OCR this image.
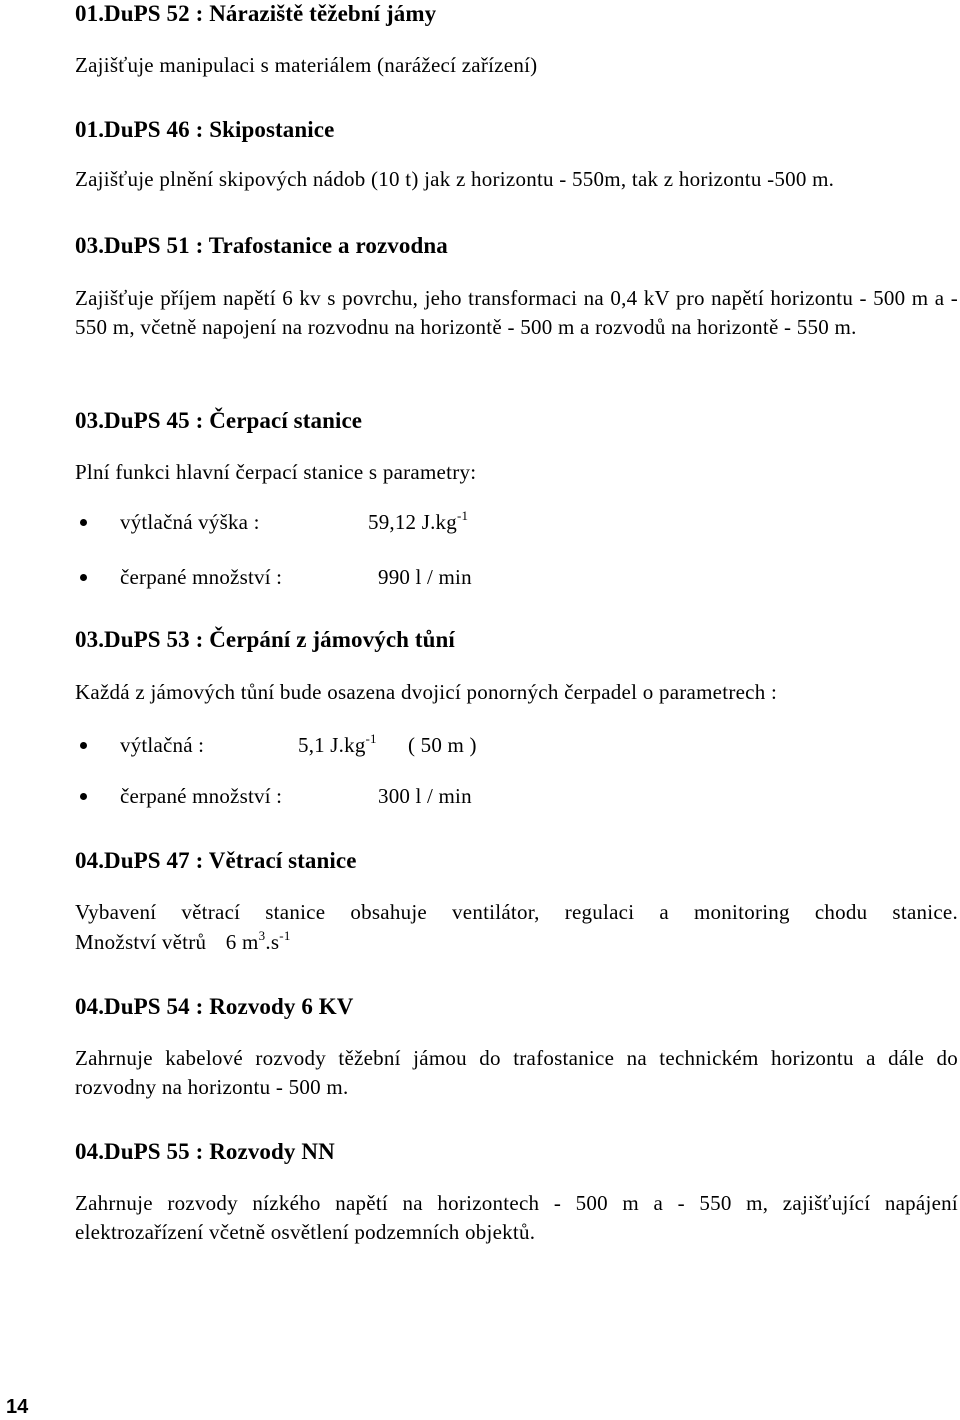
01.DuPS 52 : Náraziště těžební jámy
Zajišťuje manipulaci s materiálem (narážecí zařízení)
01.DuPS 46 : Skipostanice
Zajišťuje plnění skipových nádob (10 t) jak z horizontu - 550m, tak z horizontu -500 m.
03.DuPS 51 : Trafostanice a rozvodna
Zajišťuje příjem napětí 6 kv s povrchu, jeho transformaci na 0,4 kV pro napětí horizontu - 500 m a - 550 m, včetně napojení na rozvodnu na horizontě - 500 m a rozvodů na horizontě - 550 m.
03.DuPS 45 : Čerpací stanice
Plní funkci hlavní čerpací stanice s parametry:
výtlačná výška :	59,12 $J.kg^{-1}$
čerpané množství :	990 l / min
03.DuPS 53 : Čerpání z jámových tůní
Každá z jámových tůní bude osazena dvojicí ponorných čerpadel o parametrech :
výtlačná :	5,1 $J.kg^{-1}$ ( 50 m )
čerpané množství :	300 l / min
04.DuPS 47 : Větrací stanice
Vybavení větrací stanice obsahuje ventilátor, regulaci a monitoring chodu stanice.
Množství větrů 6 $m^3.s^{-1}$
04.DuPS 54 : Rozvody 6 KV
Zahrnuje kabelové rozvody těžební jámou do trafostanice na technickém horizontu a dále do rozvodny na horizontu - 500 m.
04.DuPS 55 : Rozvody NN
Zahrnuje rozvody nízkého napětí na horizontech - 500 m a - 550 m, zajišťující napájení elektrozařízení včetně osvětlení podzemních objektů.
14
